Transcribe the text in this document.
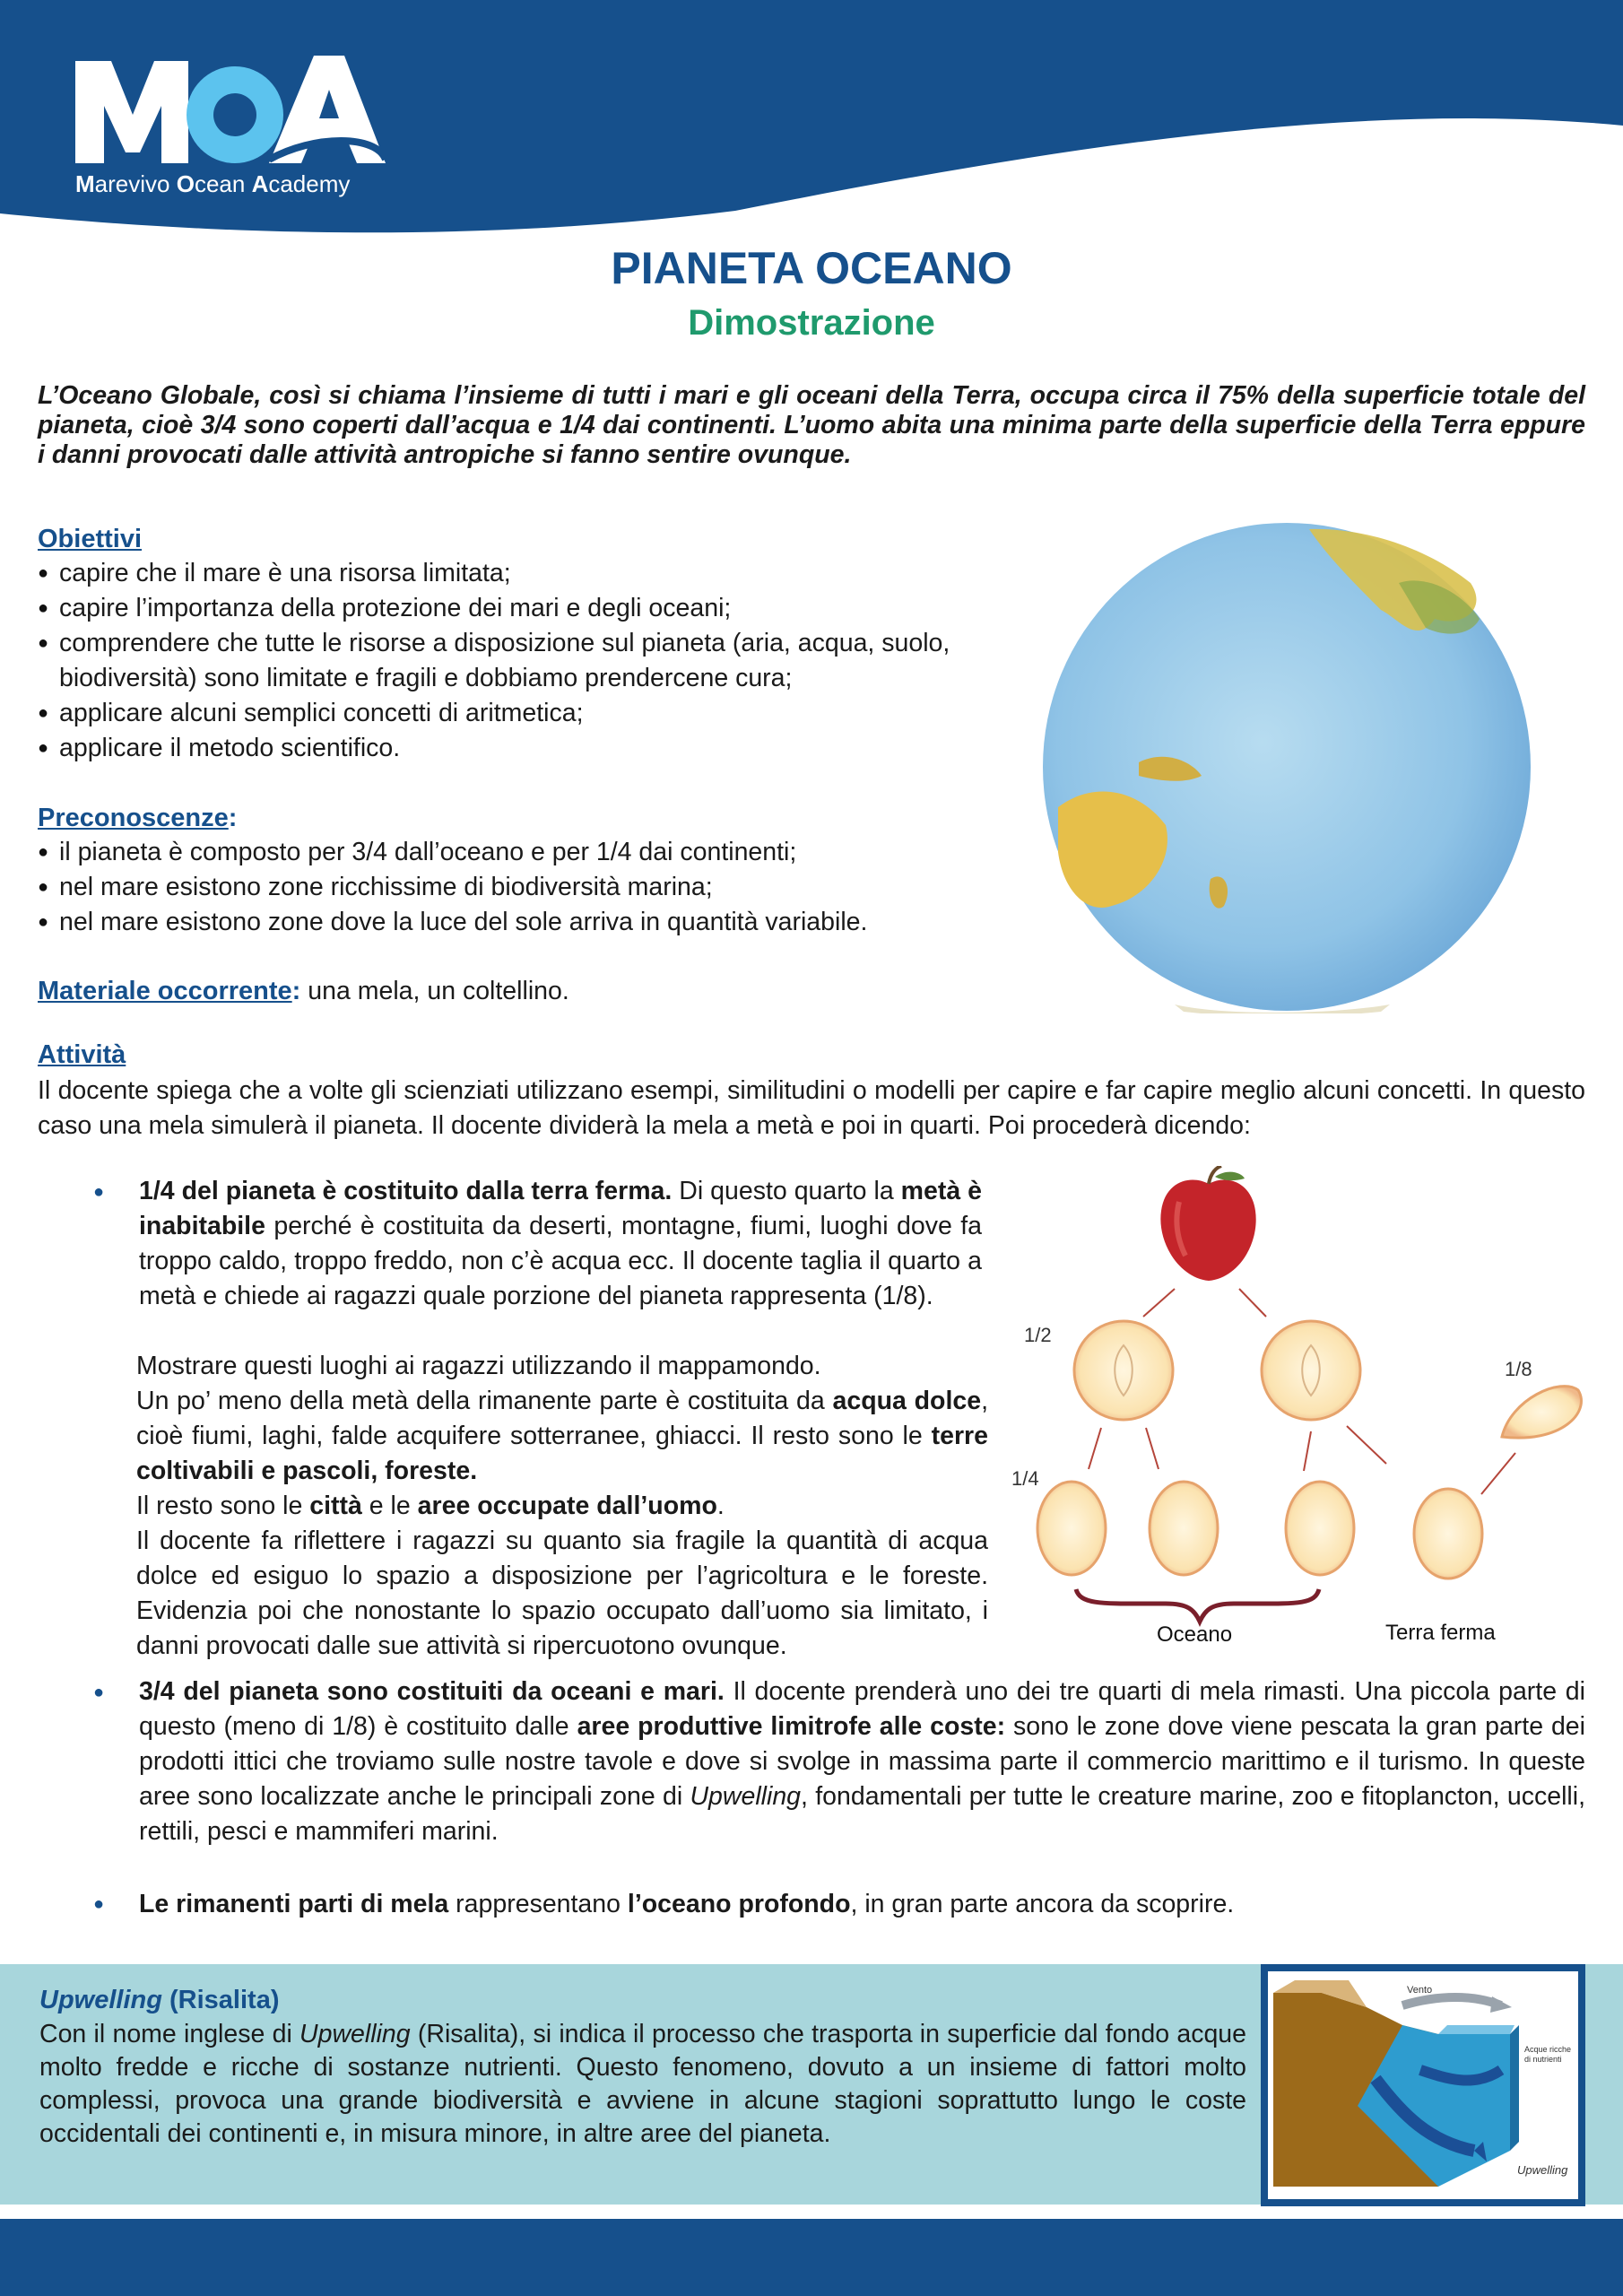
Marevivo Ocean Academy
PIANETA OCEANO
Dimostrazione
L’Oceano Globale, così si chiama l’insieme di tutti i mari e gli oceani della Terra, occupa circa il 75% della superficie totale del pianeta, cioè 3/4 sono coperti dall’acqua e 1/4 dai continenti. L’uomo abita una minima parte della superficie della Terra eppure i danni provocati dalle attività antropiche si fanno sentire ovunque.
Obiettivi
● capire che il mare è una risorsa limitata;
● capire l’importanza della protezione dei mari e degli oceani;
● comprendere che tutte le risorse a disposizione sul pianeta (aria, acqua, suolo, biodiversità) sono limitate e fragili e dobbiamo prendercene cura;
● applicare alcuni semplici concetti di aritmetica;
● applicare il metodo scientifico.
Preconoscenze:
● il pianeta è composto per 3/4 dall’oceano e per 1/4 dai continenti;
● nel mare esistono zone ricchissime di biodiversità marina;
● nel mare esistono zone dove la luce del sole arriva in quantità variabile.
Materiale occorrente: una mela, un coltellino.
Attività
Il docente spiega che a volte gli scienziati utilizzano esempi, similitudini o modelli per capire e far capire meglio alcuni concetti. In questo caso una mela simulerà il pianeta. Il docente dividerà la mela a metà e poi in quarti. Poi procederà dicendo:
● 1/4 del pianeta è costituito dalla terra ferma. Di questo quarto la metà è inabitabile perché è costituita da deserti, montagne, fiumi, luoghi dove fa troppo caldo, troppo freddo, non c’è acqua ecc. Il docente taglia il quarto a metà e chiede ai ragazzi quale porzione del pianeta rappresenta (1/8).
Mostrare questi luoghi ai ragazzi utilizzando il mappamondo.
Un po’ meno della metà della rimanente parte è costituita da acqua dolce, cioè fiumi, laghi, falde acquifere sotterranee, ghiacci. Il resto sono le terre coltivabili e pascoli, foreste.
Il resto sono le città e le aree occupate dall’uomo.
Il docente fa riflettere i ragazzi su quanto sia fragile la quantità di acqua dolce ed esiguo lo spazio a disposizione per l’agricoltura e le foreste. Evidenzia poi che nonostante lo spazio occupato dall’uomo sia limitato, i danni provocati dalle sue attività si ripercuotono ovunque.
1/2
1/4
1/8
Oceano	Terra ferma
● 3/4 del pianeta sono costituiti da oceani e mari. Il docente prenderà uno dei tre quarti di mela rimasti. Una piccola parte di questo (meno di 1/8) è costituito dalle aree produttive limitrofe alle coste: sono le zone dove viene pescata la gran parte dei prodotti ittici che troviamo sulle nostre tavole e dove si svolge in massima parte il commercio marittimo e il turismo. In queste aree sono localizzate anche le principali zone di Upwelling, fondamentali per tutte le creature marine, zoo e fitoplancton, uccelli, rettili, pesci e mammiferi marini.
● Le rimanenti parti di mela rappresentano l’oceano profondo, in gran parte ancora da scoprire.
Upwelling (Risalita)
Con il nome inglese di Upwelling (Risalita), si indica il processo che trasporta in superficie dal fondo acque molto fredde e ricche di sostanze nutrienti. Questo fenomeno, dovuto a un insieme di fattori molto complessi, provoca una grande biodiversità e avviene in alcune stagioni soprattutto lungo le coste occidentali dei continenti e, in misura minore, in altre aree del pianeta.
Vento
Acque ricche di nutrienti
Upwelling
